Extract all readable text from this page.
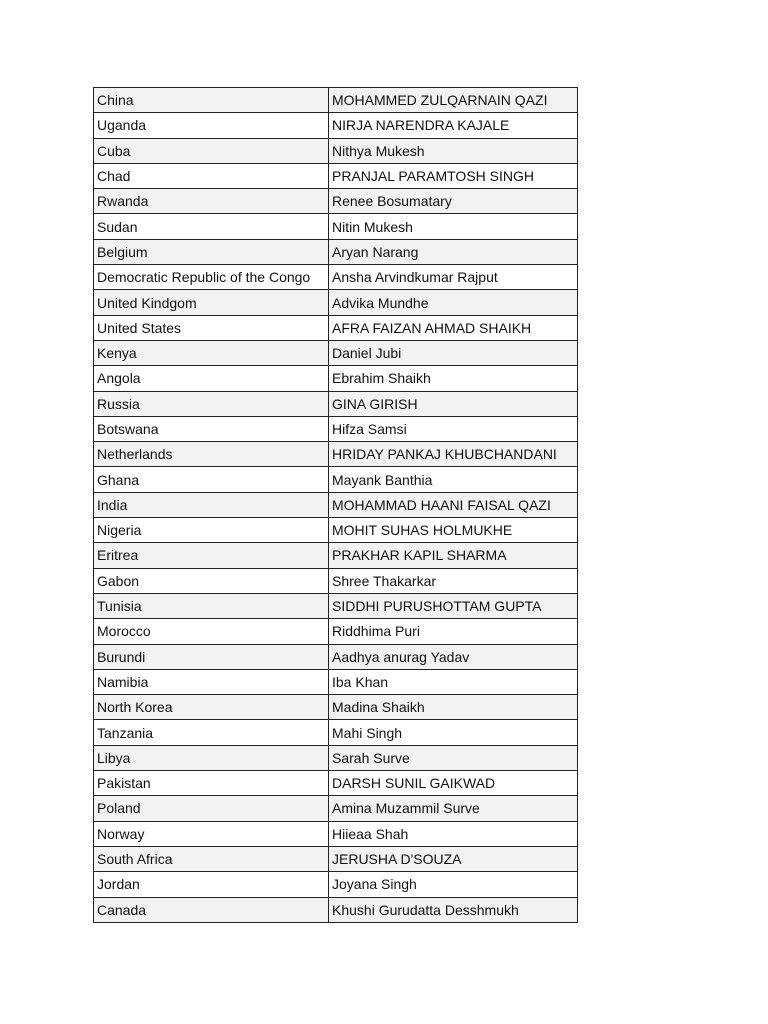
China	MOHAMMED ZULQARNAIN QAZI
Uganda	NIRJA NARENDRA KAJALE
Cuba	Nithya Mukesh
Chad	PRANJAL PARAMTOSH SINGH
Rwanda	Renee Bosumatary
Sudan	Nitin Mukesh
Belgium	Aryan Narang
Democratic Republic of the Congo	Ansha Arvindkumar Rajput
United Kindgom	Advika Mundhe
United States	AFRA FAIZAN AHMAD SHAIKH
Kenya	Daniel Jubi
Angola	Ebrahim Shaikh
Russia	GINA GIRISH
Botswana	Hifza Samsi
Netherlands	HRIDAY PANKAJ KHUBCHANDANI
Ghana	Mayank Banthia
India	MOHAMMAD HAANI FAISAL QAZI
Nigeria	MOHIT SUHAS HOLMUKHE
Eritrea	PRAKHAR KAPIL SHARMA
Gabon	Shree Thakarkar
Tunisia	SIDDHI PURUSHOTTAM GUPTA
Morocco	Riddhima Puri
Burundi	Aadhya anurag Yadav
Namibia	Iba Khan
North Korea	Madina Shaikh
Tanzania	Mahi Singh
Libya	Sarah Surve
Pakistan	DARSH SUNIL GAIKWAD
Poland	Amina Muzammil Surve
Norway	Hiieaa Shah
South Africa	JERUSHA D'SOUZA
Jordan	Joyana Singh
Canada	Khushi Gurudatta Desshmukh
